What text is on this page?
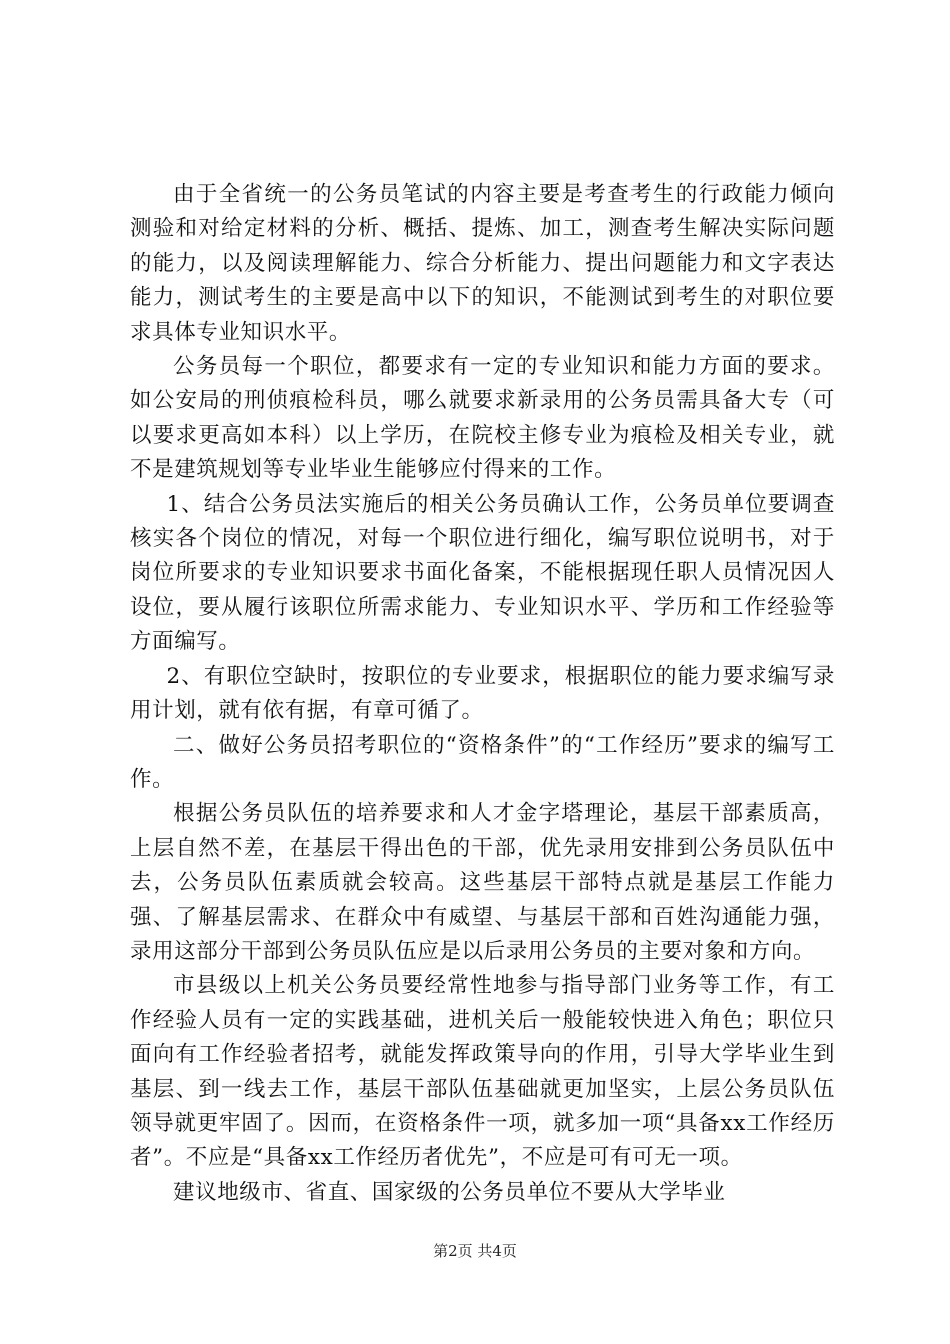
由于全省统一的公务员笔试的内容主要是考查考生的行政能力倾向测验和对给定材料的分析、概括、提炼、加工，测查考生解决实际问题的能力，以及阅读理解能力、综合分析能力、提出问题能力和文字表达能力，测试考生的主要是高中以下的知识，不能测试到考生的对职位要求具体专业知识水平。

公务员每一个职位，都要求有一定的专业知识和能力方面的要求。如公安局的刑侦痕检科员，哪么就要求新录用的公务员需具备大专（可以要求更高如本科）以上学历，在院校主修专业为痕检及相关专业，就不是建筑规划等专业毕业生能够应付得来的工作。

1、结合公务员法实施后的相关公务员确认工作，公务员单位要调查核实各个岗位的情况，对每一个职位进行细化，编写职位说明书，对于岗位所要求的专业知识要求书面化备案，不能根据现任职人员情况因人设位，要从履行该职位所需求能力、专业知识水平、学历和工作经验等方面编写。

2、有职位空缺时，按职位的专业要求，根据职位的能力要求编写录用计划，就有依有据，有章可循了。

二、做好公务员招考职位的“资格条件”的“工作经历”要求的编写工作。

根据公务员队伍的培养要求和人才金字塔理论，基层干部素质高，上层自然不差，在基层干得出色的干部，优先录用安排到公务员队伍中去，公务员队伍素质就会较高。这些基层干部特点就是基层工作能力强、了解基层需求、在群众中有威望、与基层干部和百姓沟通能力强，录用这部分干部到公务员队伍应是以后录用公务员的主要对象和方向。

市县级以上机关公务员要经常性地参与指导部门业务等工作，有工作经验人员有一定的实践基础，进机关后一般能较快进入角色；职位只面向有工作经验者招考，就能发挥政策导向的作用，引导大学毕业生到基层、到一线去工作，基层干部队伍基础就更加坚实，上层公务员队伍领导就更牢固了。因而，在资格条件一项，就多加一项“具备xx工作经历者”。不应是“具备xx工作经历者优先”，不应是可有可无一项。

建议地级市、省直、国家级的公务员单位不要从大学毕业

第2页 共4页
